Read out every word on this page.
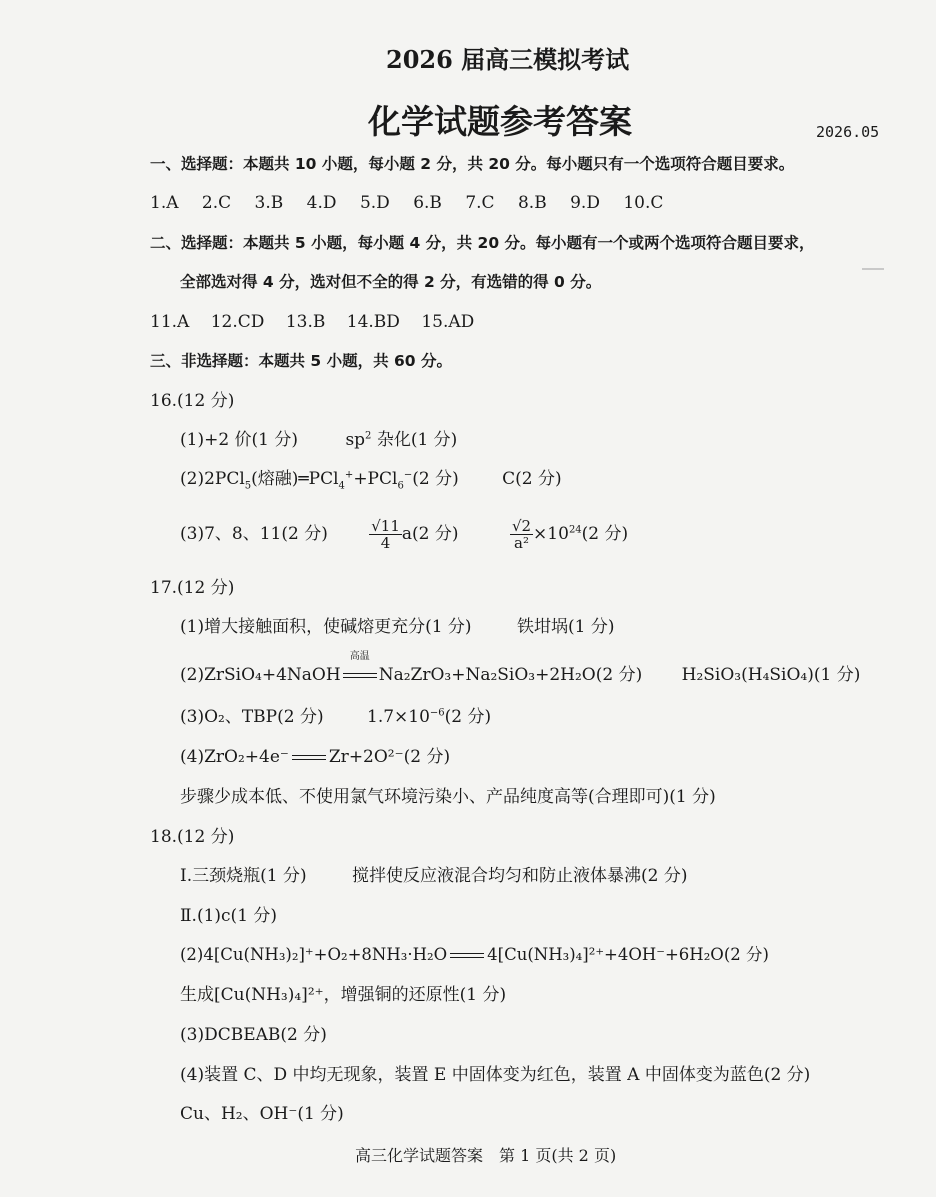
2026 届高三模拟考试
化学试题参考答案	2026.05
一、选择题：本题共 10 小题，每小题 2 分，共 20 分。每小题只有一个选项符合题目要求。
1.A 2.C 3.B 4.D 5.D 6.B 7.C 8.B 9.D 10.C
二、选择题：本题共 5 小题，每小题 4 分，共 20 分。每小题有一个或两个选项符合题目要求，
全部选对得 4 分，选对但不全的得 2 分，有选错的得 0 分。
11.A 12.CD 13.B 14.BD 15.AD
三、非选择题：本题共 5 小题，共 60 分。
16.(12 分)
(1)+2 价(1 分)	$sp^2$ 杂化(1 分)
(2)2PCl$_5$(熔融)═PCl$_4$++PCl$_6$−(2 分)	C(2 分)
(3)7、8、11(2 分)	$\frac{√11}{4} a(2$ 分)	$\frac{√2}{\text{a²}} \times 10^{24}(2$ 分)
17.(12 分)
(1)增大接触面积，使碱熔更充分(1 分)	铁坩埚(1 分)
(2)ZrSiO₄+4NaOH
高温
Na₂ZrO₃+Na₂SiO₃+2H₂O(2 分) H₂SiO₃(H₄SiO₄)(1 分)
(3)O₂、TBP(2 分)	$1.7\times 10^{-6}(2$ 分)
(4)ZrO₂+4e⁻ Zr+2O²⁻(2 分)
步骤少成本低、不使用氯气环境污染小、产品纯度高等(合理即可)(1 分)
18.(12 分)
Ⅰ.三颈烧瓶(1 分)	搅拌使反应液混合均匀和防止液体暴沸(2 分)
Ⅱ.(1)c(1 分)
(2)4[Cu(NH₃)₂]⁺+O₂+8NH₃·H₂O 4[Cu(NH₃)₄]²⁺+4OH⁻+6H₂O(2 分)
生成[Cu(NH₃)₄]²⁺，增强铜的还原性(1 分)
(3)DCBEAB(2 分)
(4)装置 C、D 中均无现象，装置 E 中固体变为红色，装置 A 中固体变为蓝色(2 分)
Cu、H₂、OH⁻(1 分)
高三化学试题答案　第 1 页(共 2 页)
